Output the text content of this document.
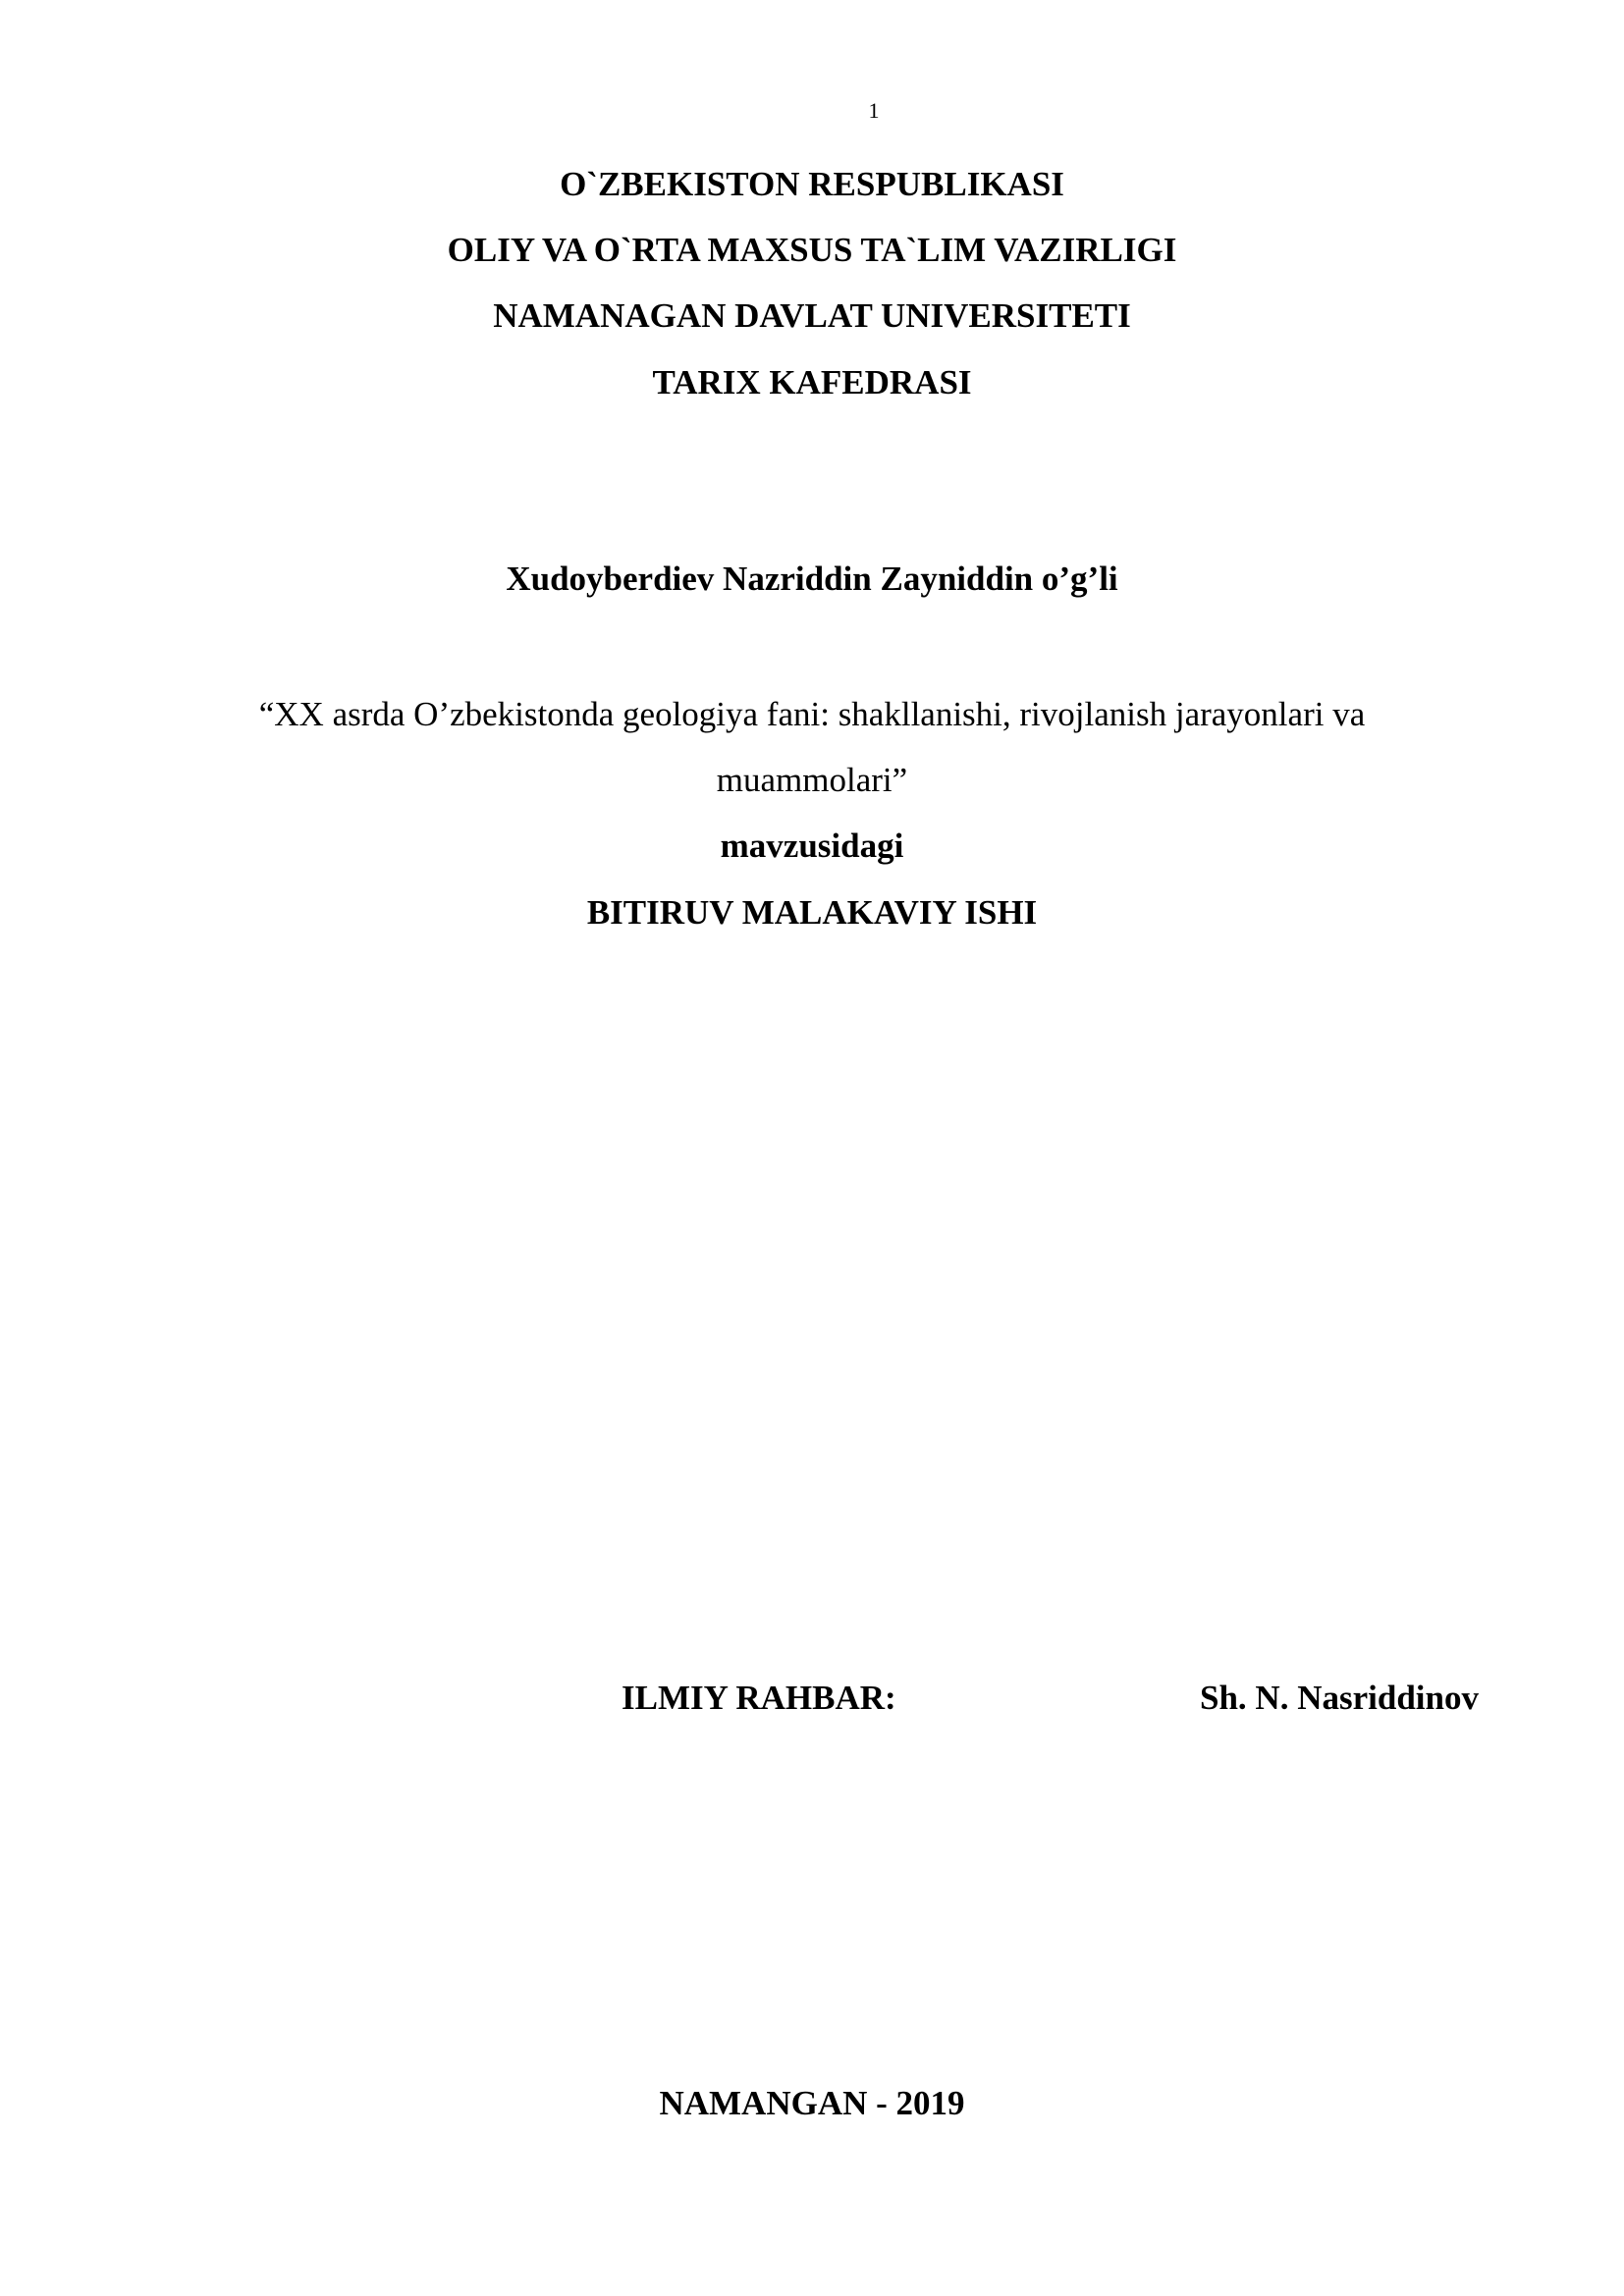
1
O`ZBEKISTON RESPUBLIKASI
OLIY VA O`RTA MAXSUS TA`LIM VAZIRLIGI
NAMANAGAN DAVLAT UNIVERSITETI
TARIX KAFEDRASI
Xudoyberdiev Nazriddin Zayniddin o’g’li
“XX asrda O’zbekistonda geologiya fani: shakllanishi, rivojlanish jarayonlari va
muammolari”
mavzusidagi
BITIRUV MALAKAVIY ISHI
ILMIY RAHBAR:	Sh. N. Nasriddinov
NAMANGAN - 2019
